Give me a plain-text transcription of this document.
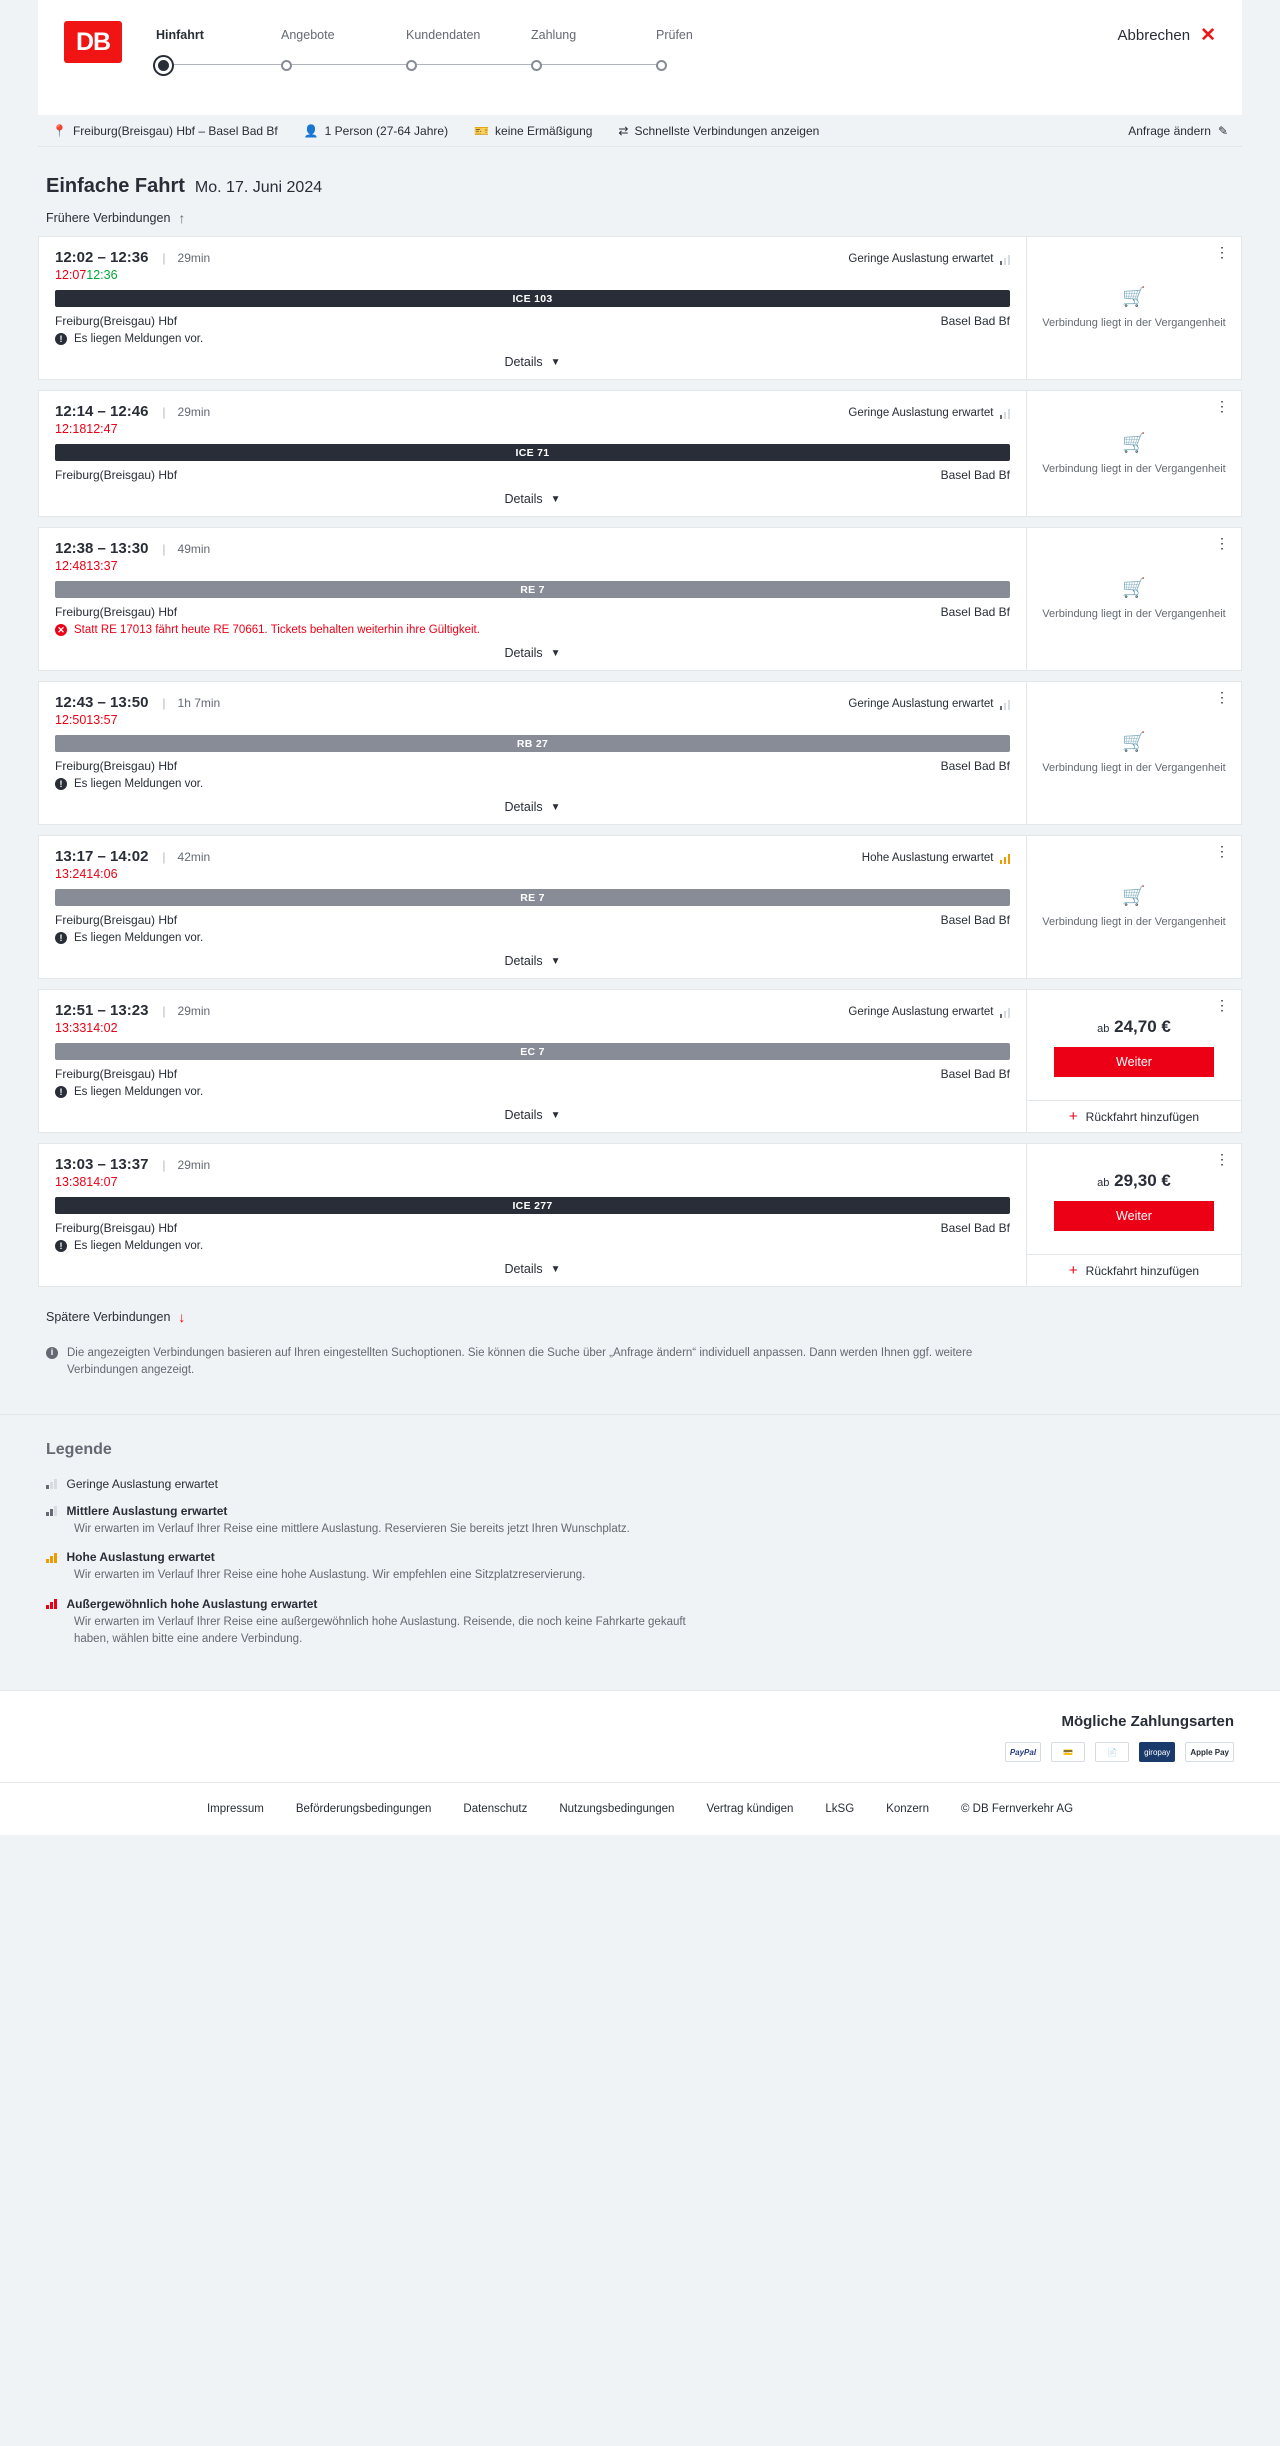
DB	Hinfahrt	Angebote	Kundendaten	Zahlung	Prüfen	Abbrechen ✕
📍 Freiburg(Breisgau) Hbf – Basel Bad Bf 👤 1 Person (27-64 Jahre) 🎫 keine Ermäßigung ⇄ Schnellste Verbindungen anzeigen	Anfrage ändern ✎
Einfache Fahrt Mo. 17. Juni 2024
Frühere Verbindungen ↑
12:02 – 12:36 | 29min	Geringe Auslastung erwartet
12:0712:36
ICE 103
Freiburg(Breisgau) Hbf	Basel Bad Bf
!	Es liegen Meldungen vor.
Details ▼
⋮
🛒
Verbindung liegt in der Vergangenheit
12:14 – 12:46 | 29min	Geringe Auslastung erwartet
12:1812:47
ICE 71
Freiburg(Breisgau) Hbf	Basel Bad Bf
Details ▼
⋮
🛒
Verbindung liegt in der Vergangenheit
12:38 – 13:30 | 49min
12:4813:37
RE 7
Freiburg(Breisgau) Hbf	Basel Bad Bf
✕ Statt RE 17013 fährt heute RE 70661. Tickets behalten weiterhin ihre Gültigkeit.
Details ▼
⋮
🛒
Verbindung liegt in der Vergangenheit
12:43 – 13:50 | 1h 7min	Geringe Auslastung erwartet
12:5013:57
RB 27
Freiburg(Breisgau) Hbf	Basel Bad Bf
!	Es liegen Meldungen vor.
Details ▼
⋮
🛒
Verbindung liegt in der Vergangenheit
13:17 – 14:02 | 42min	Hohe Auslastung erwartet
13:2414:06
RE 7
Freiburg(Breisgau) Hbf	Basel Bad Bf
!	Es liegen Meldungen vor.
Details ▼
⋮
🛒
Verbindung liegt in der Vergangenheit
12:51 – 13:23 | 29min	Geringe Auslastung erwartet
13:3314:02
EC 7
Freiburg(Breisgau) Hbf	Basel Bad Bf
!	Es liegen Meldungen vor.
Details ▼
⋮
ab 24,70 €
Weiter
+ Rückfahrt hinzufügen
13:03 – 13:37 | 29min
13:3814:07
ICE 277
Freiburg(Breisgau) Hbf	Basel Bad Bf
!	Es liegen Meldungen vor.
Details ▼
⋮
ab 29,30 €
Weiter
+ Rückfahrt hinzufügen
Spätere Verbindungen ↓
i	Die angezeigten Verbindungen basieren auf Ihren eingestellten Suchoptionen. Sie können die Suche über „Anfrage ändern“ individuell anpassen. Dann werden Ihnen ggf. weitere Verbindungen angezeigt.
Legende
Geringe Auslastung erwartet
Mittlere Auslastung erwartet
Wir erwarten im Verlauf Ihrer Reise eine mittlere Auslastung. Reservieren Sie bereits jetzt Ihren Wunschplatz.
Hohe Auslastung erwartet
Wir erwarten im Verlauf Ihrer Reise eine hohe Auslastung. Wir empfehlen eine Sitzplatzreservierung.
Außergewöhnlich hohe Auslastung erwartet
Wir erwarten im Verlauf Ihrer Reise eine außergewöhnlich hohe Auslastung. Reisende, die noch keine Fahrkarte gekauft haben, wählen bitte eine andere Verbindung.
Mögliche Zahlungsarten
PayPal	💳	📄	giropay	Apple Pay
Impressum	Beförderungsbedingungen	Datenschutz	Nutzungsbedingungen	Vertrag kündigen	LkSG	Konzern	© DB Fernverkehr AG
